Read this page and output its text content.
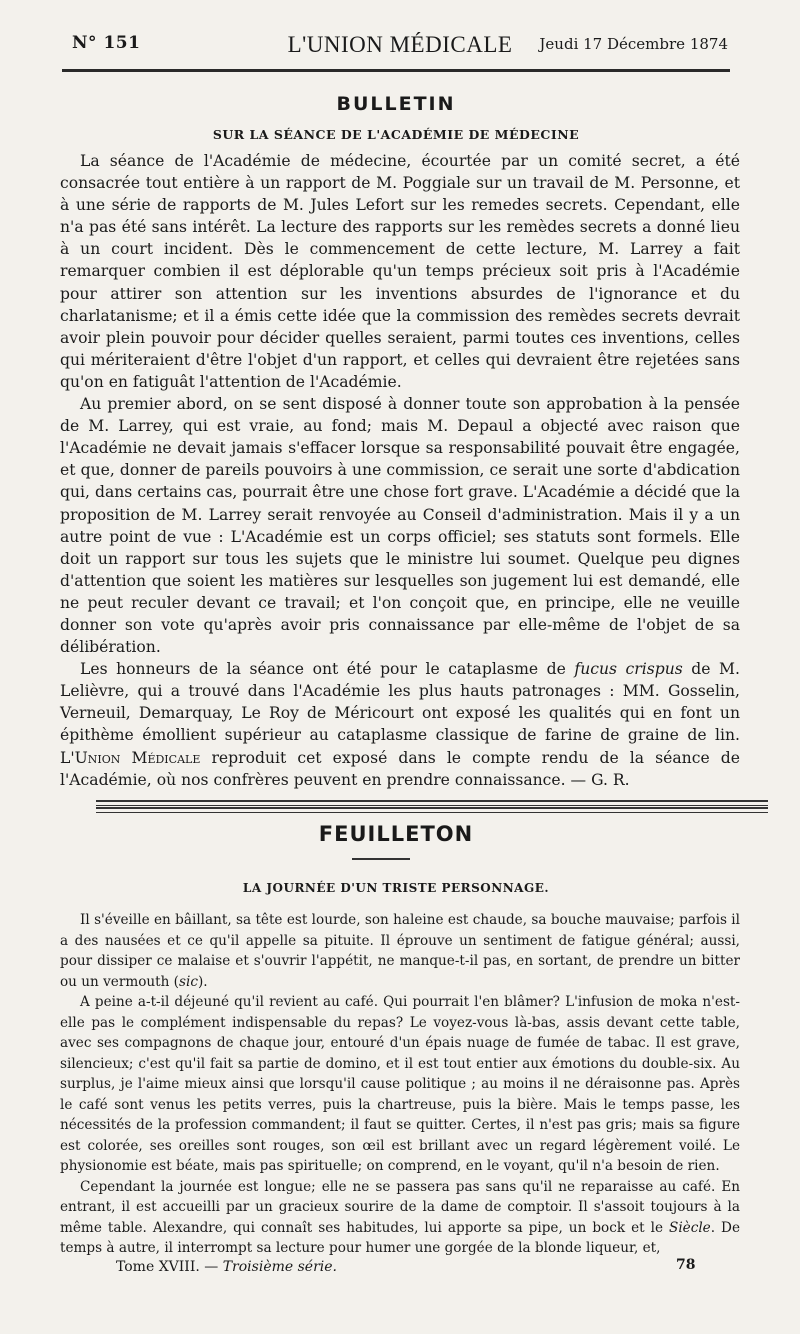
N° 151	L'UNION MÉDICALE	Jeudi 17 Décembre 1874
BULLETIN
SUR LA SÉANCE DE L'ACADÉMIE DE MÉDECINE

La séance de l'Académie de médecine, écourtée par un comité secret, a été consacrée tout entière à un rapport de M. Poggiale sur un travail de M. Personne, et à une série de rapports de M. Jules Lefort sur les remedes secrets. Cependant, elle n'a pas été sans intérêt. La lecture des rapports sur les remèdes secrets a donné lieu à un court incident. Dès le commencement de cette lecture, M. Larrey a fait remarquer combien il est déplorable qu'un temps précieux soit pris à l'Académie pour attirer son attention sur les inventions absurdes de l'ignorance et du charlatanisme; et il a émis cette idée que la commission des remèdes secrets devrait avoir plein pouvoir pour décider quelles seraient, parmi toutes ces inventions, celles qui mériteraient d'être l'objet d'un rapport, et celles qui devraient être rejetées sans qu'on en fatiguât l'attention de l'Académie.

Au premier abord, on se sent disposé à donner toute son approbation à la pensée de M. Larrey, qui est vraie, au fond; mais M. Depaul a objecté avec raison que l'Académie ne devait jamais s'effacer lorsque sa responsabilité pouvait être engagée, et que, donner de pareils pouvoirs à une commission, ce serait une sorte d'abdication qui, dans certains cas, pourrait être une chose fort grave. L'Académie a décidé que la proposition de M. Larrey serait renvoyée au Conseil d'administration. Mais il y a un autre point de vue : L'Académie est un corps officiel; ses statuts sont formels. Elle doit un rapport sur tous les sujets que le ministre lui soumet. Quelque peu dignes d'attention que soient les matières sur lesquelles son jugement lui est demandé, elle ne peut reculer devant ce travail; et l'on conçoit que, en principe, elle ne veuille donner son vote qu'après avoir pris connaissance par elle-même de l'objet de sa délibération.

Les honneurs de la séance ont été pour le cataplasme de fucus crispus de M. Lelièvre, qui a trouvé dans l'Académie les plus hauts patronages : MM. Gosselin, Verneuil, Demarquay, Le Roy de Méricourt ont exposé les qualités qui en font un épithème émollient supérieur au cataplasme classique de farine de graine de lin. L'Union Médicale reproduit cet exposé dans le compte rendu de la séance de l'Académie, où nos confrères peuvent en prendre connaissance. — G. R.

FEUILLETON
LA JOURNÉE D'UN TRISTE PERSONNAGE.

Il s'éveille en bâillant, sa tête est lourde, son haleine est chaude, sa bouche mauvaise; parfois il a des nausées et ce qu'il appelle sa pituite. Il éprouve un sentiment de fatigue général; aussi, pour dissiper ce malaise et s'ouvrir l'appétit, ne manque-t-il pas, en sortant, de prendre un bitter ou un vermouth (sic).

A peine a-t-il déjeuné qu'il revient au café. Qui pourrait l'en blâmer? L'infusion de moka n'est-elle pas le complément indispensable du repas? Le voyez-vous là-bas, assis devant cette table, avec ses compagnons de chaque jour, entouré d'un épais nuage de fumée de tabac. Il est grave, silencieux; c'est qu'il fait sa partie de domino, et il est tout entier aux émotions du double-six. Au surplus, je l'aime mieux ainsi que lorsqu'il cause politique ; au moins il ne déraisonne pas. Après le café sont venus les petits verres, puis la chartreuse, puis la bière. Mais le temps passe, les nécessités de la profession commandent; il faut se quitter. Certes, il n'est pas gris; mais sa figure est colorée, ses oreilles sont rouges, son œil est brillant avec un regard légèrement voilé. Le physionomie est béate, mais pas spirituelle; on comprend, en le voyant, qu'il n'a besoin de rien.

Cependant la journée est longue; elle ne se passera pas sans qu'il ne reparaisse au café. En entrant, il est accueilli par un gracieux sourire de la dame de comptoir. Il s'assoit toujours à la même table. Alexandre, qui connaît ses habitudes, lui apporte sa pipe, un bock et le Siècle. De temps à autre, il interrompt sa lecture pour humer une gorgée de la blonde liqueur, et,

Tome XVIII. — Troisième série.	78
